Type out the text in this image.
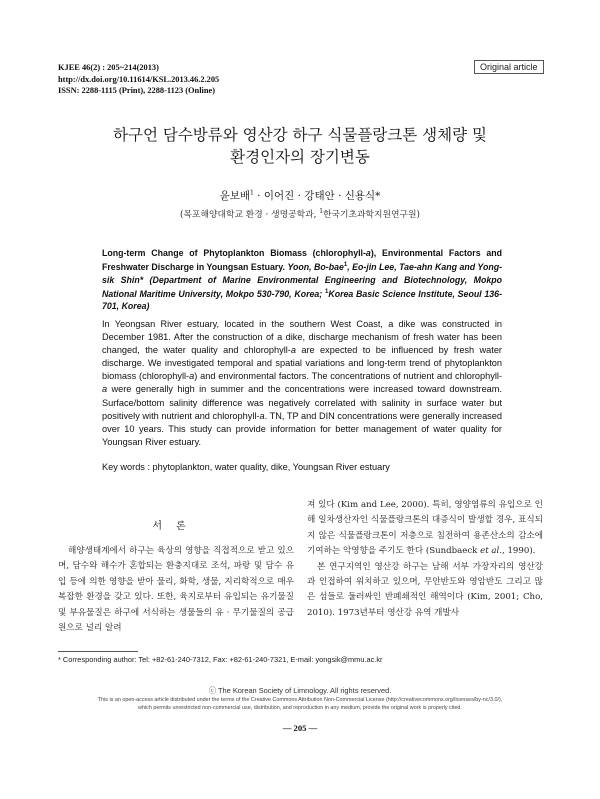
KJEE 46(2) : 205~214(2013)
http://dx.doi.org/10.11614/KSL.2013.46.2.205
ISSN: 2288-1115 (Print), 2288-1123 (Online)
Original article
하구언 담수방류와 영산강 하구 식물플랑크톤 생체량 및
환경인자의 장기변동
윤보배$^1$ · 이어진 · 강태안 · 신용식*
(목포해양대학교 환경 · 생명공학과, $^1$한국기초과학지원연구원)
Long-term Change of Phytoplankton Biomass (chlorophyll-a), Environmental Factors and Freshwater Discharge in Youngsan Estuary. Yoon, Bo-bae$^1$, Eo-jin Lee, Tae-ahn Kang and Yong-sik Shin* (Department of Marine Environmental Engineering and Biotechnology, Mokpo National Maritime University, Mokpo 530-790, Korea; $^1$Korea Basic Science Institute, Seoul 136-701, Korea)
In Yeongsan River estuary, located in the southern West Coast, a dike was constructed in December 1981. After the construction of a dike, discharge mechanism of fresh water has been changed, the water quality and chlorophyll-a are expected to be influenced by fresh water discharge. We investigated temporal and spatial variations and long-term trend of phytoplankton biomass (chlorophyll-a) and environmental factors. The concentrations of nutrient and chlorophyll-a were generally high in summer and the concentrations were increased toward downstream. Surface/bottom salinity difference was negatively correlated with salinity in surface water but positively with nutrient and chlorophyll-a. TN, TP and DIN concentrations were generally increased over 10 years. This study can provide information for better management of water quality for Youngsan River estuary.
Key words : phytoplankton, water quality, dike, Youngsan River estuary
서론
해양생태계에서 하구는 육상의 영향을 직접적으로 받고 있으며, 담수와 해수가 혼합되는 환충지대로 조석, 파랑 및 담수 유입 등에 의한 영향을 받아 물리, 화학, 생물, 지리학적으로 매우 복잡한 환경을 갖고 있다. 또한, 육지로부터 유입되는 유기물질 및 부유물질은 하구에 서식하는 생물들의 유 · 무기물질의 공급원으로 널리 알려
져 있다 (Kim and Lee, 2000). 특히, 영양염류의 유입으로 인해 일차생산자인 식물플랑크톤의 대증식이 발생할 경우, 표식되지 않은 식물플랑크톤이 저층으로 침전하여 용존산소의 감소에 기여하는 악영향을 주기도 한다 (Sundbaeck et al., 1990).
본 연구지역인 영산강 하구는 남해 서부 가장자리의 영산강과 인접하여 위치하고 있으며, 무안반도와 영암반도 그리고 많은 섬들로 둘러싸인 반폐쇄적인 해역이다 (Kim, 2001; Cho, 2010). 1973년부터 영산강 유역 개발사
* Corresponding author: Tel: +82-61-240-7312, Fax: +82-61-240-7321, E-mail: yongsik@mmu.ac.kr
ⓒ The Korean Society of Limnology. All rights reserved.
This is an open-access article distributed under the terms of the Creative Commons Attribution Non-Commercial License (http://creativecommons.org/licenses/by-nc/3.0/),
which permits unrestricted non-commercial use, distribution, and reproduction in any medium, provide the original work is properly cited.
— 205 —
